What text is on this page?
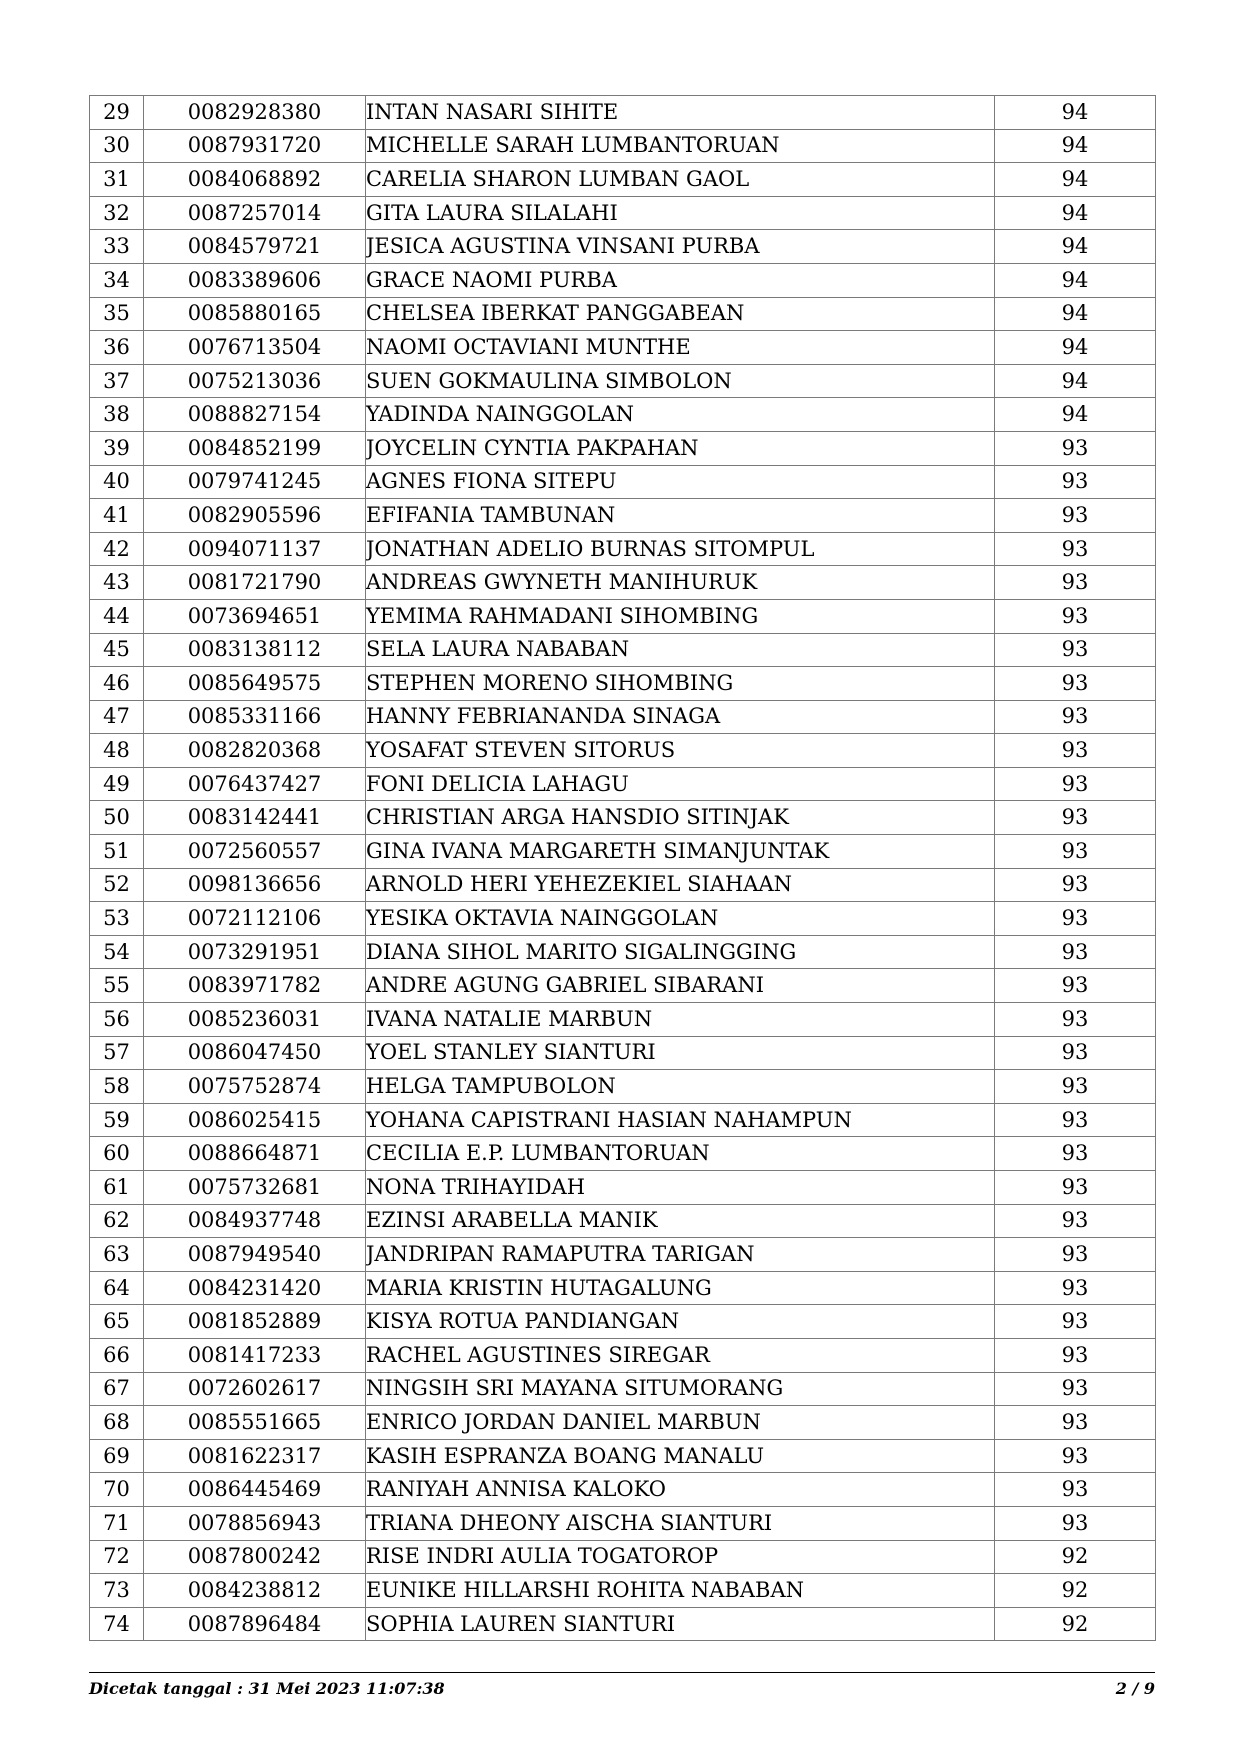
29	0082928380	INTAN NASARI SIHITE	94
30	0087931720	MICHELLE SARAH LUMBANTORUAN	94
31	0084068892	CARELIA SHARON LUMBAN GAOL	94
32	0087257014	GITA LAURA SILALAHI	94
33	0084579721	JESICA AGUSTINA VINSANI PURBA	94
34	0083389606	GRACE NAOMI PURBA	94
35	0085880165	CHELSEA IBERKAT PANGGABEAN	94
36	0076713504	NAOMI OCTAVIANI MUNTHE	94
37	0075213036	SUEN GOKMAULINA SIMBOLON	94
38	0088827154	YADINDA NAINGGOLAN	94
39	0084852199	JOYCELIN CYNTIA PAKPAHAN	93
40	0079741245	AGNES FIONA SITEPU	93
41	0082905596	EFIFANIA TAMBUNAN	93
42	0094071137	JONATHAN ADELIO BURNAS SITOMPUL	93
43	0081721790	ANDREAS GWYNETH MANIHURUK	93
44	0073694651	YEMIMA RAHMADANI SIHOMBING	93
45	0083138112	SELA LAURA NABABAN	93
46	0085649575	STEPHEN MORENO SIHOMBING	93
47	0085331166	HANNY FEBRIANANDA SINAGA	93
48	0082820368	YOSAFAT STEVEN SITORUS	93
49	0076437427	FONI DELICIA LAHAGU	93
50	0083142441	CHRISTIAN ARGA HANSDIO SITINJAK	93
51	0072560557	GINA IVANA MARGARETH SIMANJUNTAK	93
52	0098136656	ARNOLD HERI YEHEZEKIEL SIAHAAN	93
53	0072112106	YESIKA OKTAVIA NAINGGOLAN	93
54	0073291951	DIANA SIHOL MARITO SIGALINGGING	93
55	0083971782	ANDRE AGUNG GABRIEL SIBARANI	93
56	0085236031	IVANA NATALIE MARBUN	93
57	0086047450	YOEL STANLEY SIANTURI	93
58	0075752874	HELGA TAMPUBOLON	93
59	0086025415	YOHANA CAPISTRANI HASIAN NAHAMPUN	93
60	0088664871	CECILIA E.P. LUMBANTORUAN	93
61	0075732681	NONA TRIHAYIDAH	93
62	0084937748	EZINSI ARABELLA MANIK	93
63	0087949540	JANDRIPAN RAMAPUTRA TARIGAN	93
64	0084231420	MARIA KRISTIN HUTAGALUNG	93
65	0081852889	KISYA ROTUA PANDIANGAN	93
66	0081417233	RACHEL AGUSTINES SIREGAR	93
67	0072602617	NINGSIH SRI MAYANA SITUMORANG	93
68	0085551665	ENRICO JORDAN DANIEL MARBUN	93
69	0081622317	KASIH ESPRANZA BOANG MANALU	93
70	0086445469	RANIYAH ANNISA KALOKO	93
71	0078856943	TRIANA DHEONY AISCHA SIANTURI	93
72	0087800242	RISE INDRI AULIA TOGATOROP	92
73	0084238812	EUNIKE HILLARSHI ROHITA NABABAN	92
74	0087896484	SOPHIA LAUREN SIANTURI	92
Dicetak tanggal : 31 Mei 2023 11:07:38	2 / 9
